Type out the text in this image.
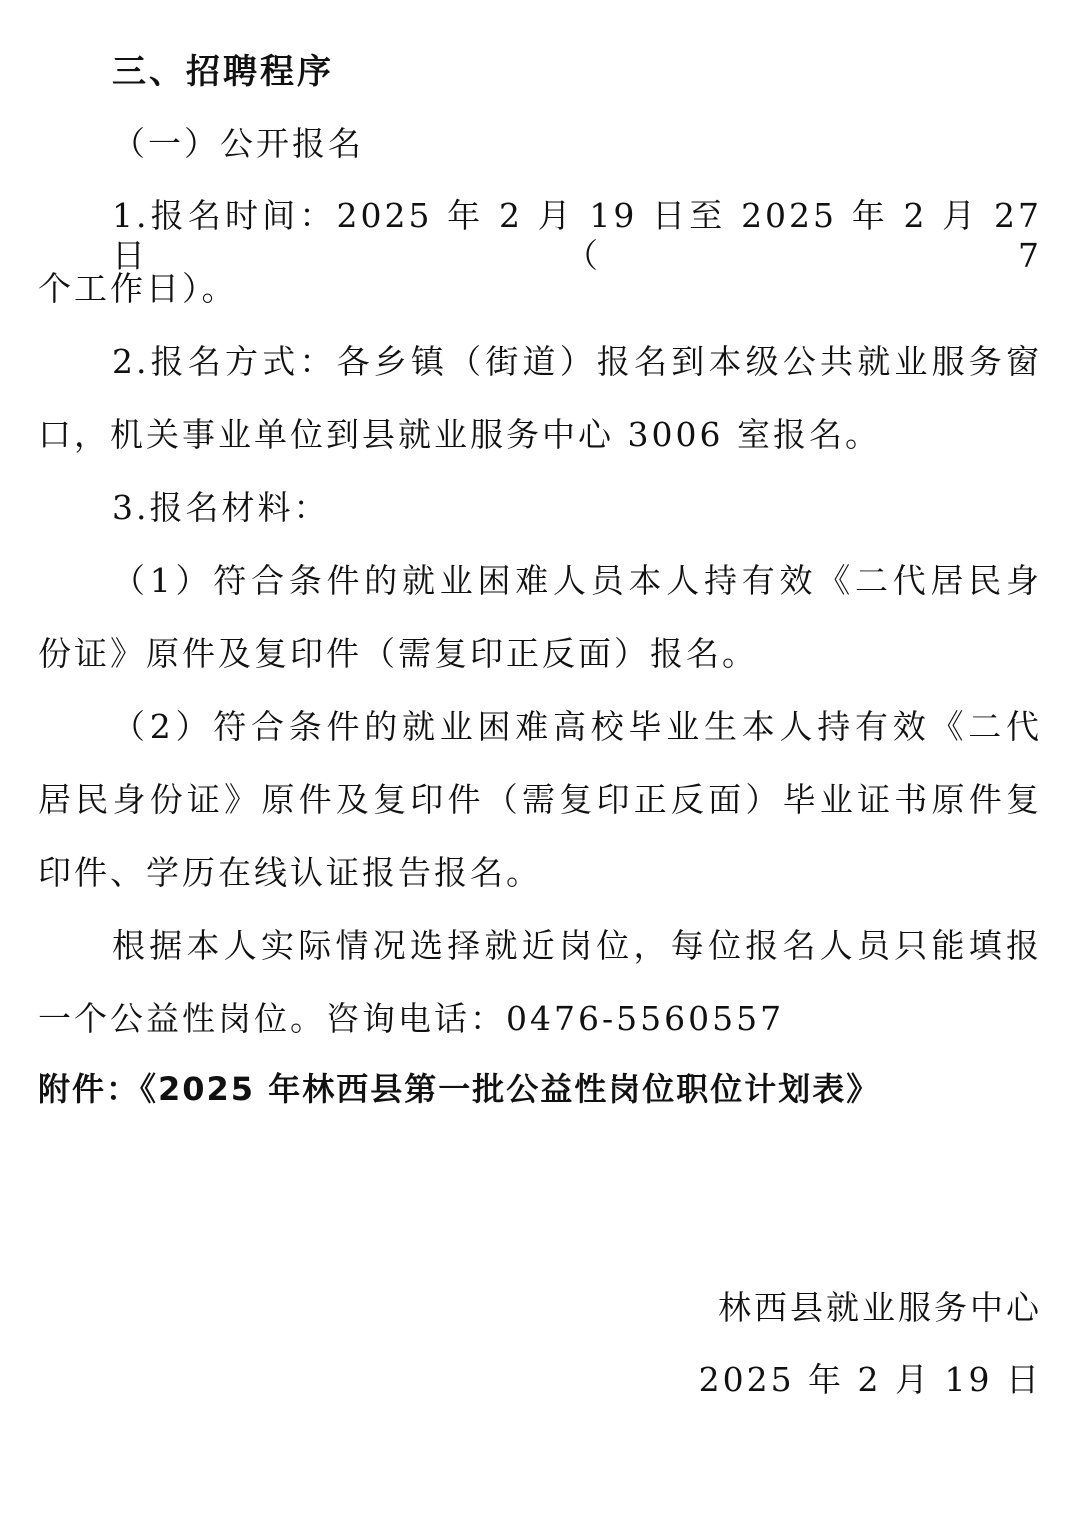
三、招聘程序
（一）公开报名
1.报名时间：2025 年 2 月 19 日至 2025 年 2 月 27 日（7
个工作日）。
2.报名方式：各乡镇（街道）报名到本级公共就业服务窗
口，机关事业单位到县就业服务中心 3006 室报名。
3.报名材料：
（1）符合条件的就业困难人员本人持有效《二代居民身
份证》原件及复印件（需复印正反面）报名。
（2）符合条件的就业困难高校毕业生本人持有效《二代
居民身份证》原件及复印件（需复印正反面）毕业证书原件复
印件、学历在线认证报告报名。
根据本人实际情况选择就近岗位，每位报名人员只能填报
一个公益性岗位。咨询电话：0476-5560557
附件：《2025 年林西县第一批公益性岗位职位计划表》
林西县就业服务中心
2025 年 2 月 19 日
